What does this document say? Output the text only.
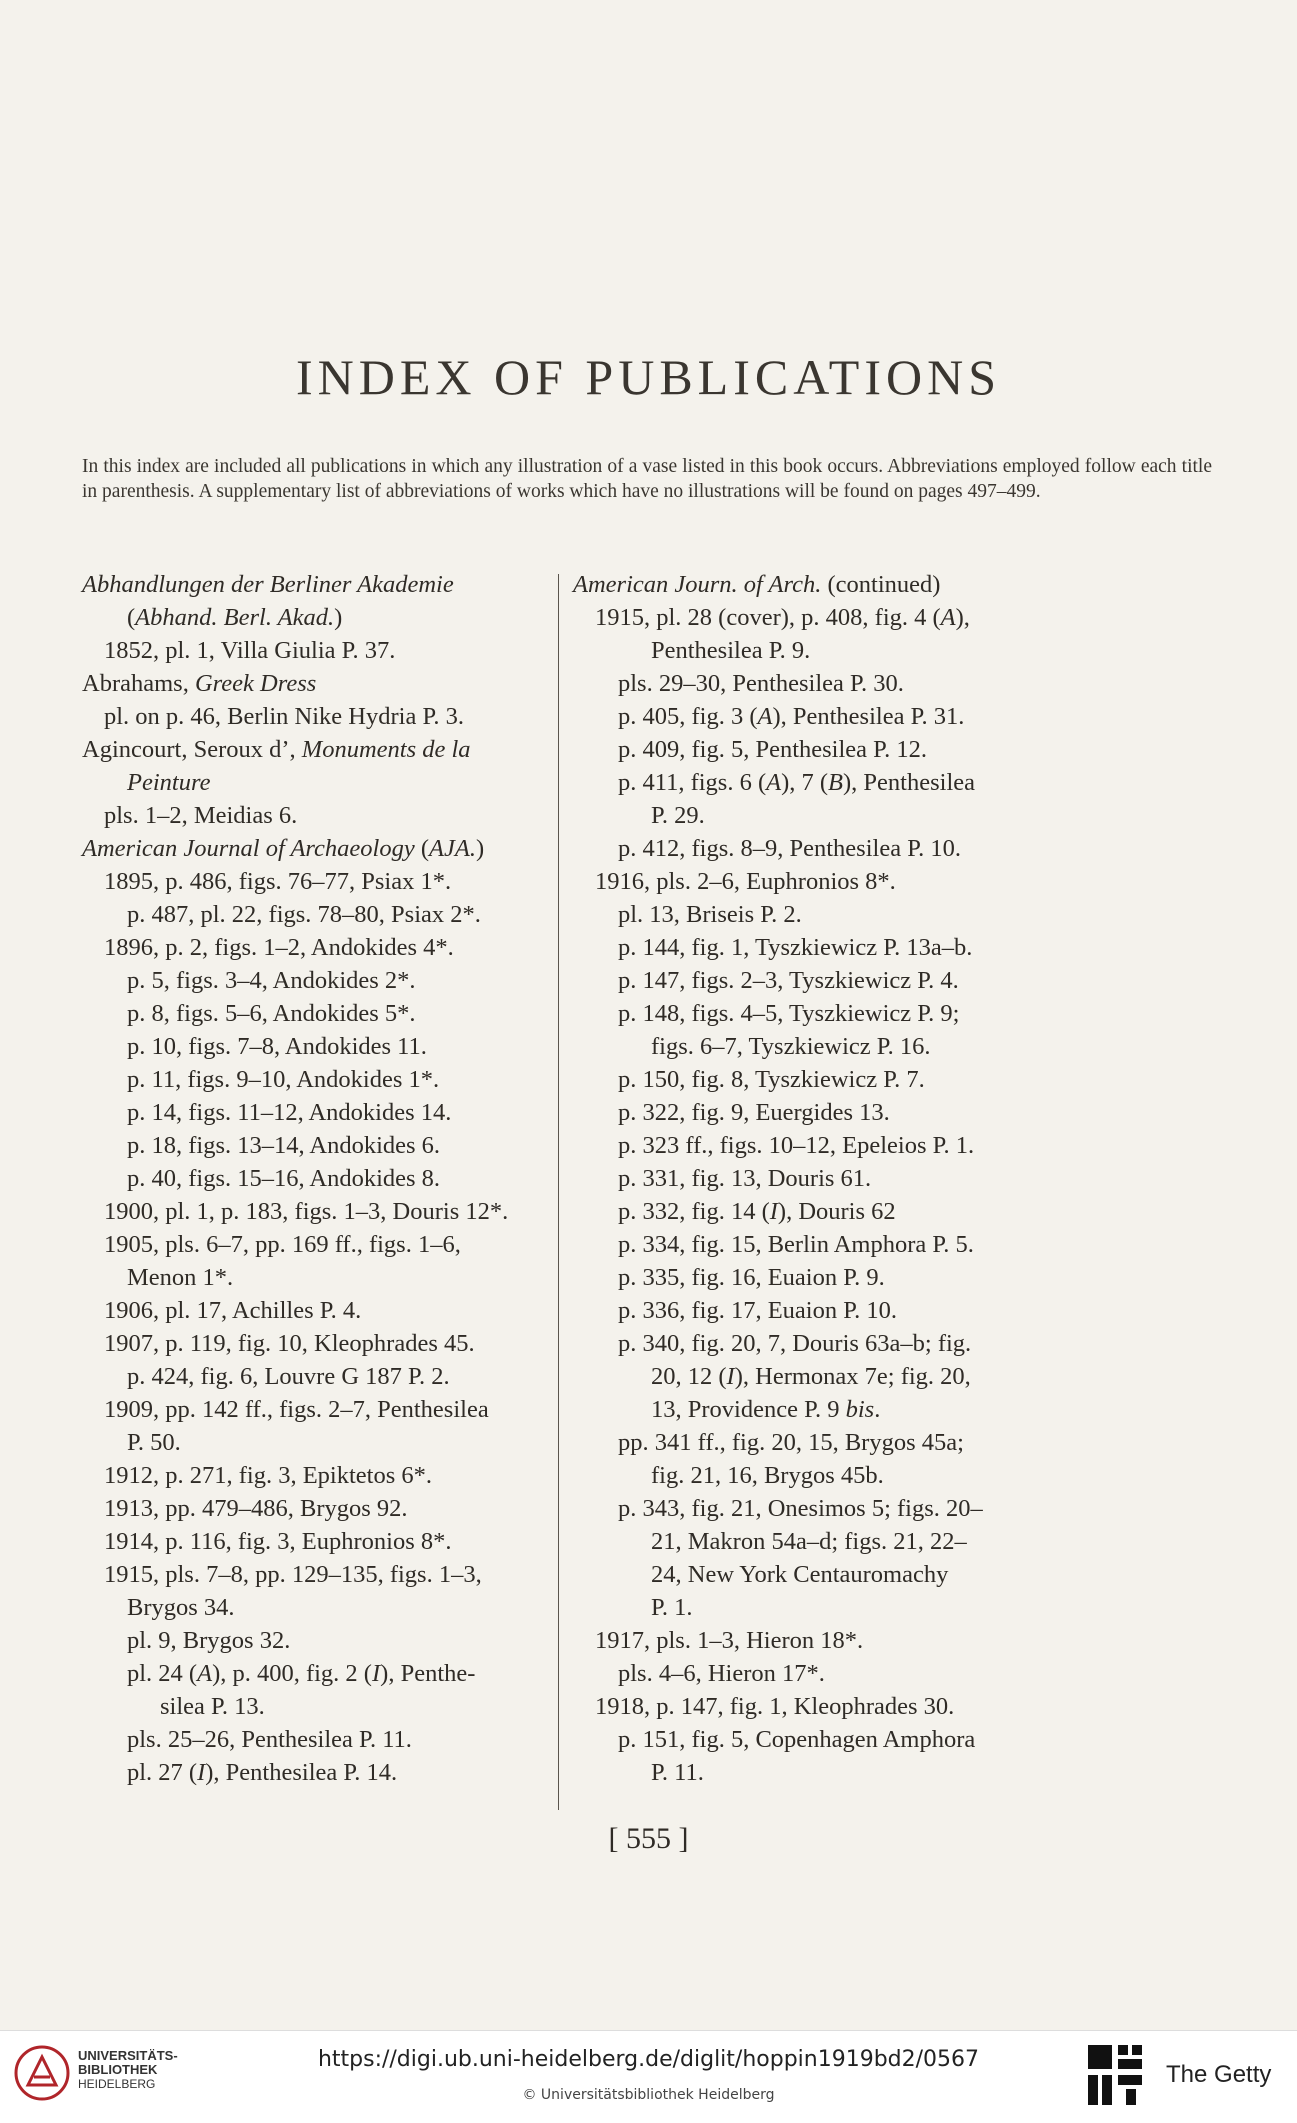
INDEX OF PUBLICATIONS
In this index are included all publications in which any illustration of a vase listed in this book occurs. Abbreviations employed follow each title in parenthesis. A supplementary list of abbreviations of works which have no illustrations will be found on pages 497–499.
Abhandlungen der Berliner Akademie
(Abhand. Berl. Akad.)
1852, pl. 1, Villa Giulia P. 37.
Abrahams, Greek Dress
pl. on p. 46, Berlin Nike Hydria P. 3.
Agincourt, Seroux d’, Monuments de la
Peinture
pls. 1–2, Meidias 6.
American Journal of Archaeology (AJA.)
1895, p. 486, figs. 76–77, Psiax 1*.
p. 487, pl. 22, figs. 78–80, Psiax 2*.
1896, p. 2, figs. 1–2, Andokides 4*.
p. 5, figs. 3–4, Andokides 2*.
p. 8, figs. 5–6, Andokides 5*.
p. 10, figs. 7–8, Andokides 11.
p. 11, figs. 9–10, Andokides 1*.
p. 14, figs. 11–12, Andokides 14.
p. 18, figs. 13–14, Andokides 6.
p. 40, figs. 15–16, Andokides 8.
1900, pl. 1, p. 183, figs. 1–3, Douris 12*.
1905, pls. 6–7, pp. 169 ff., figs. 1–6,
Menon 1*.
1906, pl. 17, Achilles P. 4.
1907, p. 119, fig. 10, Kleophrades 45.
p. 424, fig. 6, Louvre G 187 P. 2.
1909, pp. 142 ff., figs. 2–7, Penthesilea
P. 50.
1912, p. 271, fig. 3, Epiktetos 6*.
1913, pp. 479–486, Brygos 92.
1914, p. 116, fig. 3, Euphronios 8*.
1915, pls. 7–8, pp. 129–135, figs. 1–3,
Brygos 34.
pl. 9, Brygos 32.
pl. 24 (A), p. 400, fig. 2 (I), Penthe-
silea P. 13.
pls. 25–26, Penthesilea P. 11.
pl. 27 (I), Penthesilea P. 14.
American Journ. of Arch. (continued)
1915, pl. 28 (cover), p. 408, fig. 4 (A),
Penthesilea P. 9.
pls. 29–30, Penthesilea P. 30.
p. 405, fig. 3 (A), Penthesilea P. 31.
p. 409, fig. 5, Penthesilea P. 12.
p. 411, figs. 6 (A), 7 (B), Penthesilea
P. 29.
p. 412, figs. 8–9, Penthesilea P. 10.
1916, pls. 2–6, Euphronios 8*.
pl. 13, Briseis P. 2.
p. 144, fig. 1, Tyszkiewicz P. 13a–b.
p. 147, figs. 2–3, Tyszkiewicz P. 4.
p. 148, figs. 4–5, Tyszkiewicz P. 9;
figs. 6–7, Tyszkiewicz P. 16.
p. 150, fig. 8, Tyszkiewicz P. 7.
p. 322, fig. 9, Euergides 13.
p. 323 ff., figs. 10–12, Epeleios P. 1.
p. 331, fig. 13, Douris 61.
p. 332, fig. 14 (I), Douris 62
p. 334, fig. 15, Berlin Amphora P. 5.
p. 335, fig. 16, Euaion P. 9.
p. 336, fig. 17, Euaion P. 10.
p. 340, fig. 20, 7, Douris 63a–b; fig.
20, 12 (I), Hermonax 7e; fig. 20,
13, Providence P. 9 bis.
pp. 341 ff., fig. 20, 15, Brygos 45a;
fig. 21, 16, Brygos 45b.
p. 343, fig. 21, Onesimos 5; figs. 20–
21, Makron 54a–d; figs. 21, 22–
24, New York Centauromachy
P. 1.
1917, pls. 1–3, Hieron 18*.
pls. 4–6, Hieron 17*.
1918, p. 147, fig. 1, Kleophrades 30.
p. 151, fig. 5, Copenhagen Amphora
P. 11.
[ 555 ]
UNIVERSITÄTS-
BIBLIOTHEK
HEIDELBERG
https://digi.ub.uni-heidelberg.de/diglit/hoppin1919bd2/0567
© Universitätsbibliothek Heidelberg
The Getty
